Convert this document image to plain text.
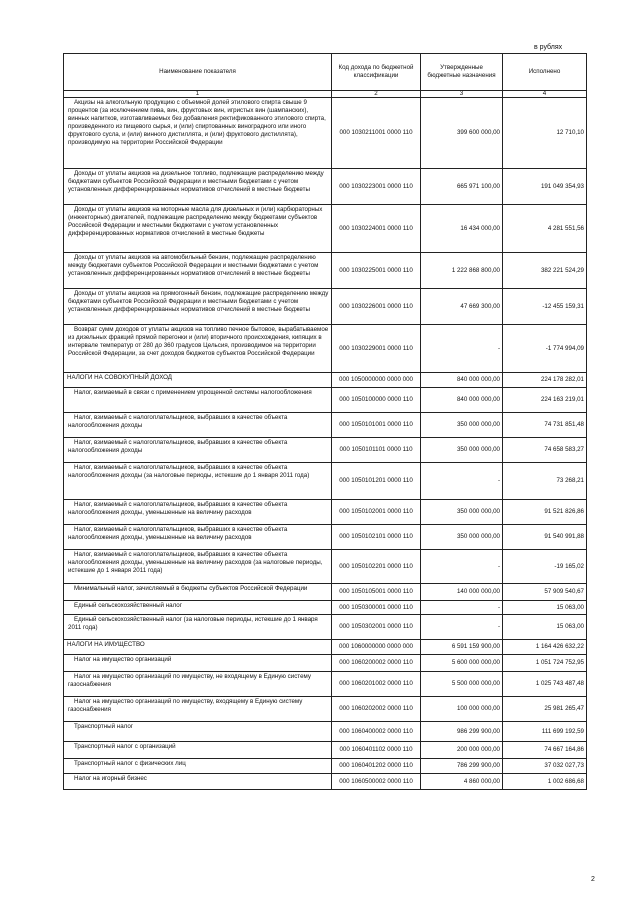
в рублях
Наименование показателя	Код дохода по бюджетной классификации	Утвержденные бюджетные назначения	Исполнено
1	2	3	4
Акцизы на алкогольную продукцию с объемной долей этилового спирта свыше 9 процентов (за исключением пива, вин, фруктовых вин, игристых вин (шампанских), винных напитков, изготавливаемых без добавления ректификованного этилового спирта, произведенного из пищевого сырья, и (или) спиртованных виноградного или иного фруктового сусла, и (или) винного дистиллята, и (или) фруктового дистиллята), производимую на территории Российской Федерации	000 1030211001 0000 110	399 600 000,00	12 710,10
Доходы от уплаты акцизов на дизельное топливо, подлежащие распределению между бюджетами субъектов Российской Федерации и местными бюджетами с учетом установленных дифференцированных нормативов отчислений в местные бюджеты	000 1030223001 0000 110	665 971 100,00	191 049 354,93
Доходы от уплаты акцизов на моторные масла для дизельных и (или) карбюраторных (инжекторных) двигателей, подлежащие распределению между бюджетами субъектов Российской Федерации и местными бюджетами с учетом установленных дифференцированных нормативов отчислений в местные бюджеты	000 1030224001 0000 110	16 434 000,00	4 281 551,56
Доходы от уплаты акцизов на автомобильный бензин, подлежащие распределению между бюджетами субъектов Российской Федерации и местными бюджетами с учетом установленных дифференцированных нормативов отчислений в местные бюджеты	000 1030225001 0000 110	1 222 868 800,00	382 221 524,29
Доходы от уплаты акцизов на прямогонный бензин, подлежащие распределению между бюджетами субъектов Российской Федерации и местными бюджетами с учетом установленных дифференцированных нормативов отчислений в местные бюджеты	000 1030226001 0000 110	47 669 300,00	-12 455 159,31
Возврат сумм доходов от уплаты акцизов на топливо печное бытовое, вырабатываемое из дизельных фракций прямой перегонки и (или) вторичного происхождения, кипящих в интервале температур от 280 до 360 градусов Цельсия, производимое на территории Российской Федерации, за счет доходов бюджетов субъектов Российской Федерации	000 1030229001 0000 110	-	-1 774 994,09
НАЛОГИ НА СОВОКУПНЫЙ ДОХОД	000 1050000000 0000 000	840 000 000,00	224 178 282,01
Налог, взимаемый в связи с применением упрощенной системы налогообложения	000 1050100000 0000 110	840 000 000,00	224 163 219,01
Налог, взимаемый с налогоплательщиков, выбравших в качестве объекта налогообложения доходы	000 1050101001 0000 110	350 000 000,00	74 731 851,48
Налог, взимаемый с налогоплательщиков, выбравших в качестве объекта налогообложения доходы	000 1050101101 0000 110	350 000 000,00	74 658 583,27
Налог, взимаемый с налогоплательщиков, выбравших в качестве объекта налогообложения доходы (за налоговые периоды, истекшие до 1 января 2011 года)	000 1050101201 0000 110	-	73 268,21
Налог, взимаемый с налогоплательщиков, выбравших в качестве объекта налогообложения доходы, уменьшенные на величину расходов	000 1050102001 0000 110	350 000 000,00	91 521 826,86
Налог, взимаемый с налогоплательщиков, выбравших в качестве объекта налогообложения доходы, уменьшенные на величину расходов	000 1050102101 0000 110	350 000 000,00	91 540 991,88
Налог, взимаемый с налогоплательщиков, выбравших в качестве объекта налогообложения доходы, уменьшенные на величину расходов (за налоговые периоды, истекшие до 1 января 2011 года)	000 1050102201 0000 110	-	-19 165,02
Минимальный налог, зачисляемый в бюджеты субъектов Российской Федерации	000 1050105001 0000 110	140 000 000,00	57 909 540,67
Единый сельскохозяйственный налог	000 1050300001 0000 110	-	15 063,00
Единый сельскохозяйственный налог (за налоговые периоды, истекшие до 1 января 2011 года)	000 1050302001 0000 110	-	15 063,00
НАЛОГИ НА ИМУЩЕСТВО	000 1060000000 0000 000	6 591 159 900,00	1 164 426 632,22
Налог на имущество организаций	000 1060200002 0000 110	5 600 000 000,00	1 051 724 752,95
Налог на имущество организаций по имуществу, не входящему в Единую систему газоснабжения	000 1060201002 0000 110	5 500 000 000,00	1 025 743 487,48
Налог на имущество организаций по имуществу, входящему в Единую систему газоснабжения	000 1060202002 0000 110	100 000 000,00	25 981 265,47
Транспортный налог	000 1060400002 0000 110	986 299 900,00	111 699 192,59
Транспортный налог с организаций	000 1060401102 0000 110	200 000 000,00	74 667 164,86
Транспортный налог с физических лиц	000 1060401202 0000 110	786 299 900,00	37 032 027,73
Налог на игорный бизнес	000 1060500002 0000 110	4 860 000,00	1 002 686,68
2
